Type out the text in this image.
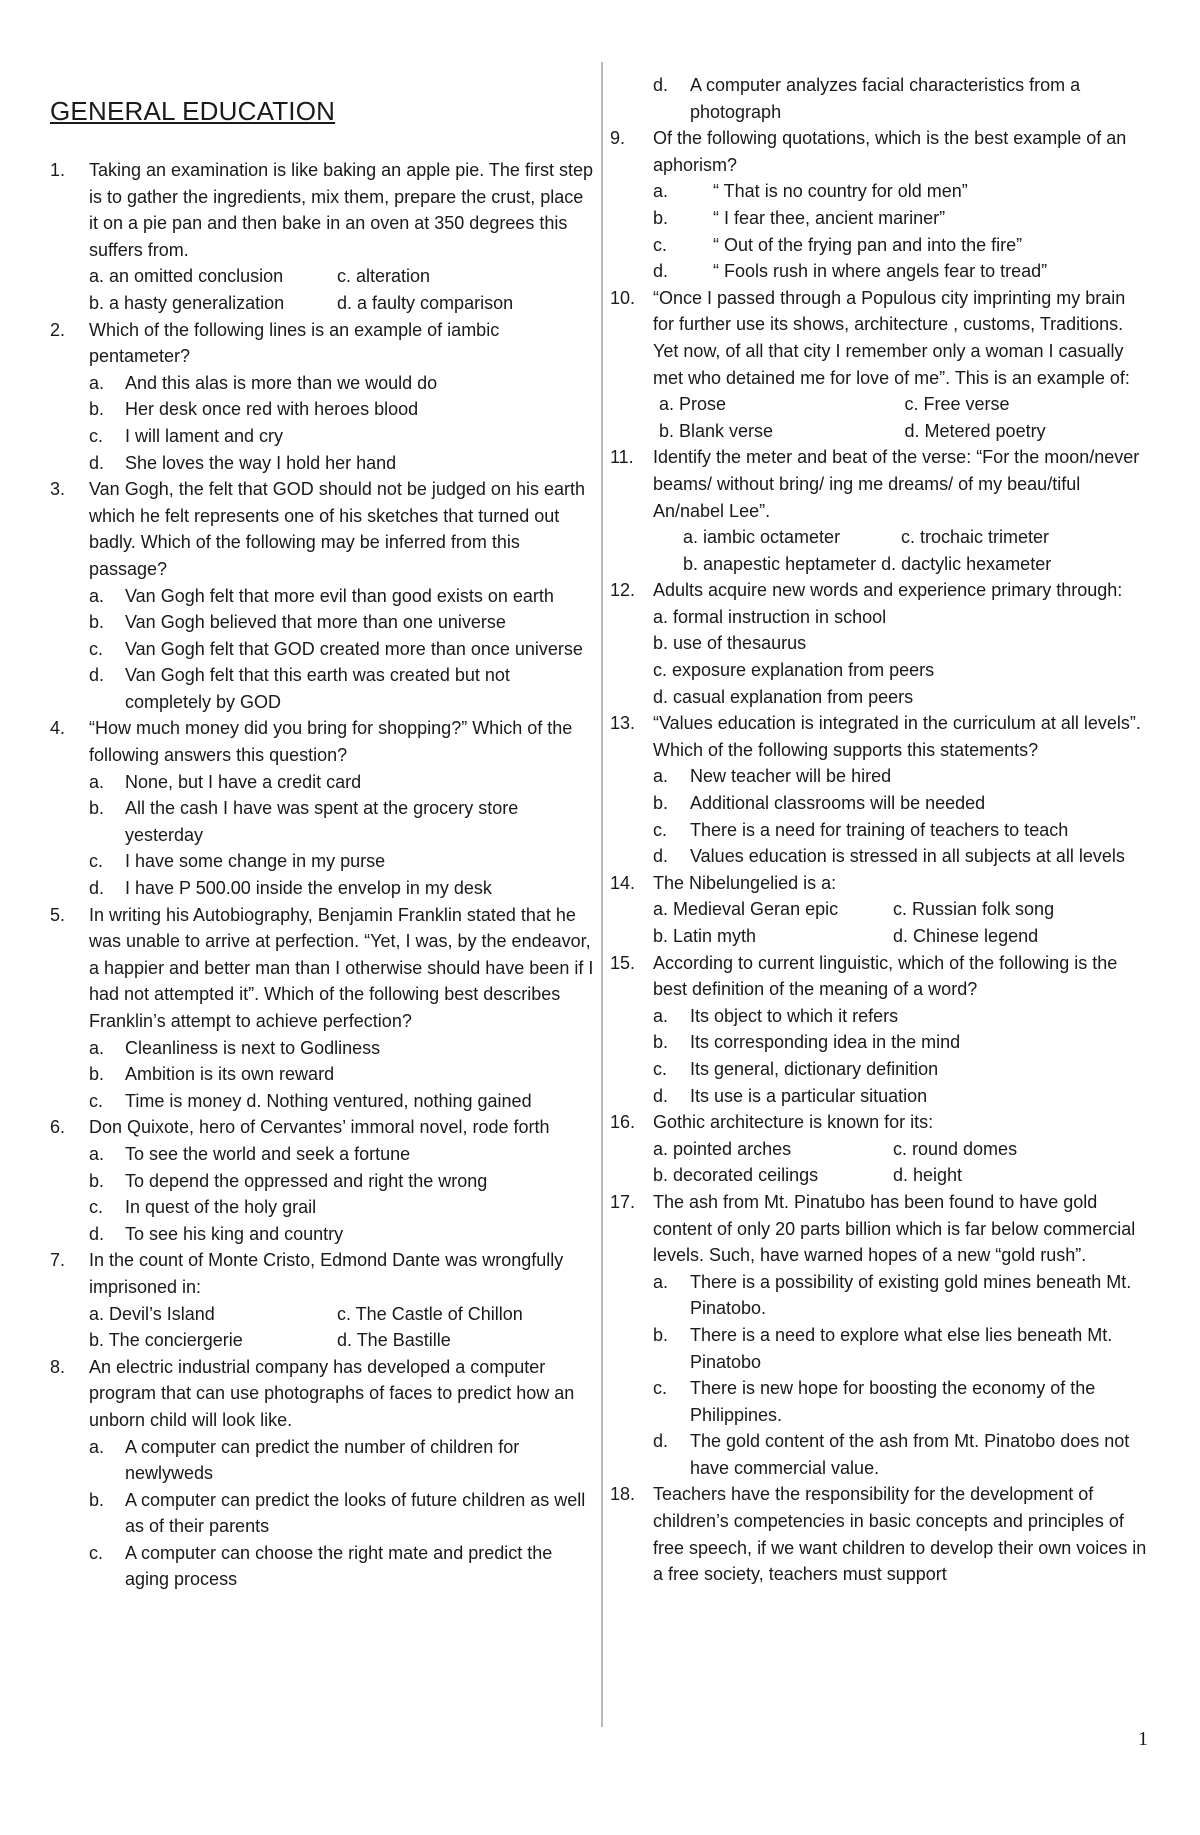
GENERAL EDUCATION
1. Taking an examination is like baking an apple pie. The first step is to gather the ingredients, mix them, prepare the crust, place it on a pie pan and then bake in an oven at 350 degrees this suffers from.
a. an omitted conclusion	c. alteration
b. a hasty generalization	d. a faulty comparison
2. Which of the following lines is an example of iambic pentameter?
a. And this alas is more than we would do
b. Her desk once red with heroes blood
c. I will lament and cry
d. She loves the way I hold her hand
3. Van Gogh, the felt that GOD should not be judged on his earth which he felt represents one of his sketches that turned out badly. Which of the following may be inferred from this passage?
a. Van Gogh felt that more evil than good exists on earth
b. Van Gogh believed that more than one universe
c. Van Gogh felt that GOD created more than once universe
d. Van Gogh felt that this earth was created but not completely by GOD
4. “How much money did you bring for shopping?” Which of the following answers this question?
a. None, but I have a credit card
b. All the cash I have was spent at the grocery store yesterday
c. I have some change in my purse
d. I have P 500.00 inside the envelop in my desk
5. In writing his Autobiography, Benjamin Franklin stated that he was unable to arrive at perfection. “Yet, I was, by the endeavor, a happier and better man than I otherwise should have been if I had not attempted it”. Which of the following best describes Franklin’s attempt to achieve perfection?
a. Cleanliness is next to Godliness
b. Ambition is its own reward
c. Time is money d. Nothing ventured, nothing gained
6. Don Quixote, hero of Cervantes’ immoral novel, rode forth
a. To see the world and seek a fortune
b. To depend the oppressed and right the wrong
c. In quest of the holy grail
d. To see his king and country
7. In the count of Monte Cristo, Edmond Dante was wrongfully imprisoned in:
a. Devil’s Island	c. The Castle of Chillon
b. The conciergerie	d. The Bastille
8. An electric industrial company has developed a computer program that can use photographs of faces to predict how an unborn child will look like.
a. A computer can predict the number of children for newlyweds
b. A computer can predict the looks of future children as well as of their parents
c. A computer can choose the right mate and predict the aging process
d. A computer analyzes facial characteristics from a photograph
9. Of the following quotations, which is the best example of an aphorism?
a. “ That is no country for old men”
b. “ I fear thee, ancient mariner”
c.	“ Out of the frying pan and into the fire”
d. “ Fools rush in where angels fear to tread”
10. “Once I passed through a Populous city imprinting my brain for further use its shows, architecture , customs, Traditions. Yet now, of all that city I remember only a woman I casually met who detained me for love of me”. This is an example of:
a. Prose	c. Free verse
b. Blank verse	d. Metered poetry
11. Identify the meter and beat of the verse: “For the moon/never beams/ without bring/ ing me dreams/ of my beau/tiful An/nabel Lee”.
a. iambic octameter	c. trochaic trimeter
b. anapestic heptameter d. dactylic hexameter
12. Adults acquire new words and experience primary through:
a. formal instruction in school
b. use of thesaurus
c. exposure explanation from peers
d. casual explanation from peers
13. “Values education is integrated in the curriculum at all levels”. Which of the following supports this statements?
a. New teacher will be hired
b. Additional classrooms will be needed
c. There is a need for training of teachers to teach
d. Values education is stressed in all subjects at all levels
14. The Nibelungelied is a:
a. Medieval Geran epic	c. Russian folk song
b. Latin myth	d. Chinese legend
15. According to current linguistic, which of the following is the best definition of the meaning of a word?
a. Its object to which it refers
b. Its corresponding idea in the mind
c. Its general, dictionary definition
d. Its use is a particular situation
16. Gothic architecture is known for its:
a. pointed arches	c. round domes
b. decorated ceilings	d. height
17. The ash from Mt. Pinatubo has been found to have gold content of only 20 parts billion which is far below commercial levels. Such, have warned hopes of a new “gold rush”.
a. There is a possibility of existing gold mines beneath Mt. Pinatobo.
b. There is a need to explore what else lies beneath Mt. Pinatobo
c. There is new hope for boosting the economy of the Philippines.
d. The gold content of the ash from Mt. Pinatobo does not have commercial value.
18. Teachers have the responsibility for the development of children’s competencies in basic concepts and principles of free speech, if we want children to develop their own voices in a free society, teachers must support
1
